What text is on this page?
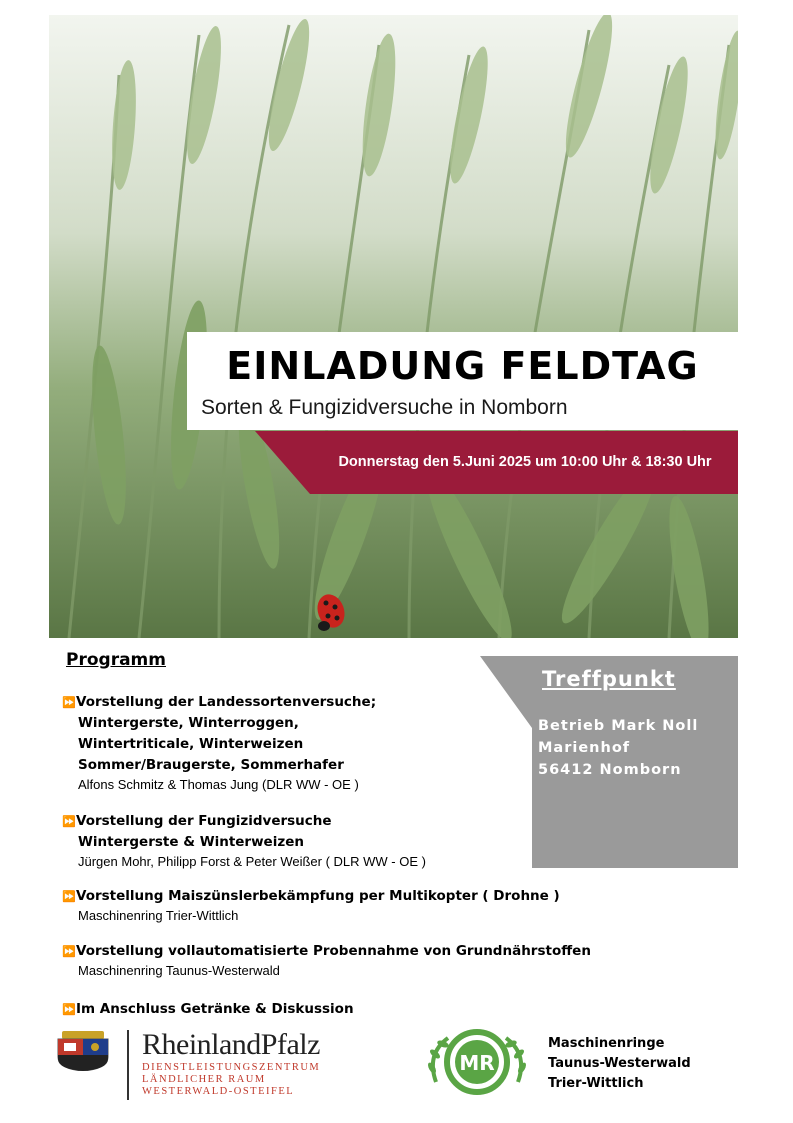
EINLADUNG FELDTAG
Sorten & Fungizidversuche in Nomborn
Donnerstag den 5.Juni 2025 um 10:00 Uhr & 18:30 Uhr
Programm
⏩Vorstellung der Landessortenversuche;
Wintergerste, Winterroggen,
Wintertriticale, Winterweizen
Sommer/Braugerste, Sommerhafer
Alfons Schmitz & Thomas Jung (DLR WW - OE )
⏩Vorstellung der Fungizidversuche
Wintergerste & Winterweizen
Jürgen Mohr, Philipp Forst & Peter Weißer ( DLR WW - OE )
⏩Vorstellung Maiszünslerbekämpfung per Multikopter ( Drohne )
Maschinenring Trier-Wittlich
⏩Vorstellung vollautomatisierte Probennahme von Grundnährstoffen
Maschinenring Taunus-Westerwald
⏩Im Anschluss Getränke & Diskussion
Treffpunkt
Betrieb Mark Noll
Marienhof
56412 Nomborn
RheinlandPfalz
DIENSTLEISTUNGSZENTRUM
LÄNDLICHER RAUM
WESTERWALD-OSTEIFEL
MR
Maschinenringe
Taunus-Westerwald
Trier-Wittlich
